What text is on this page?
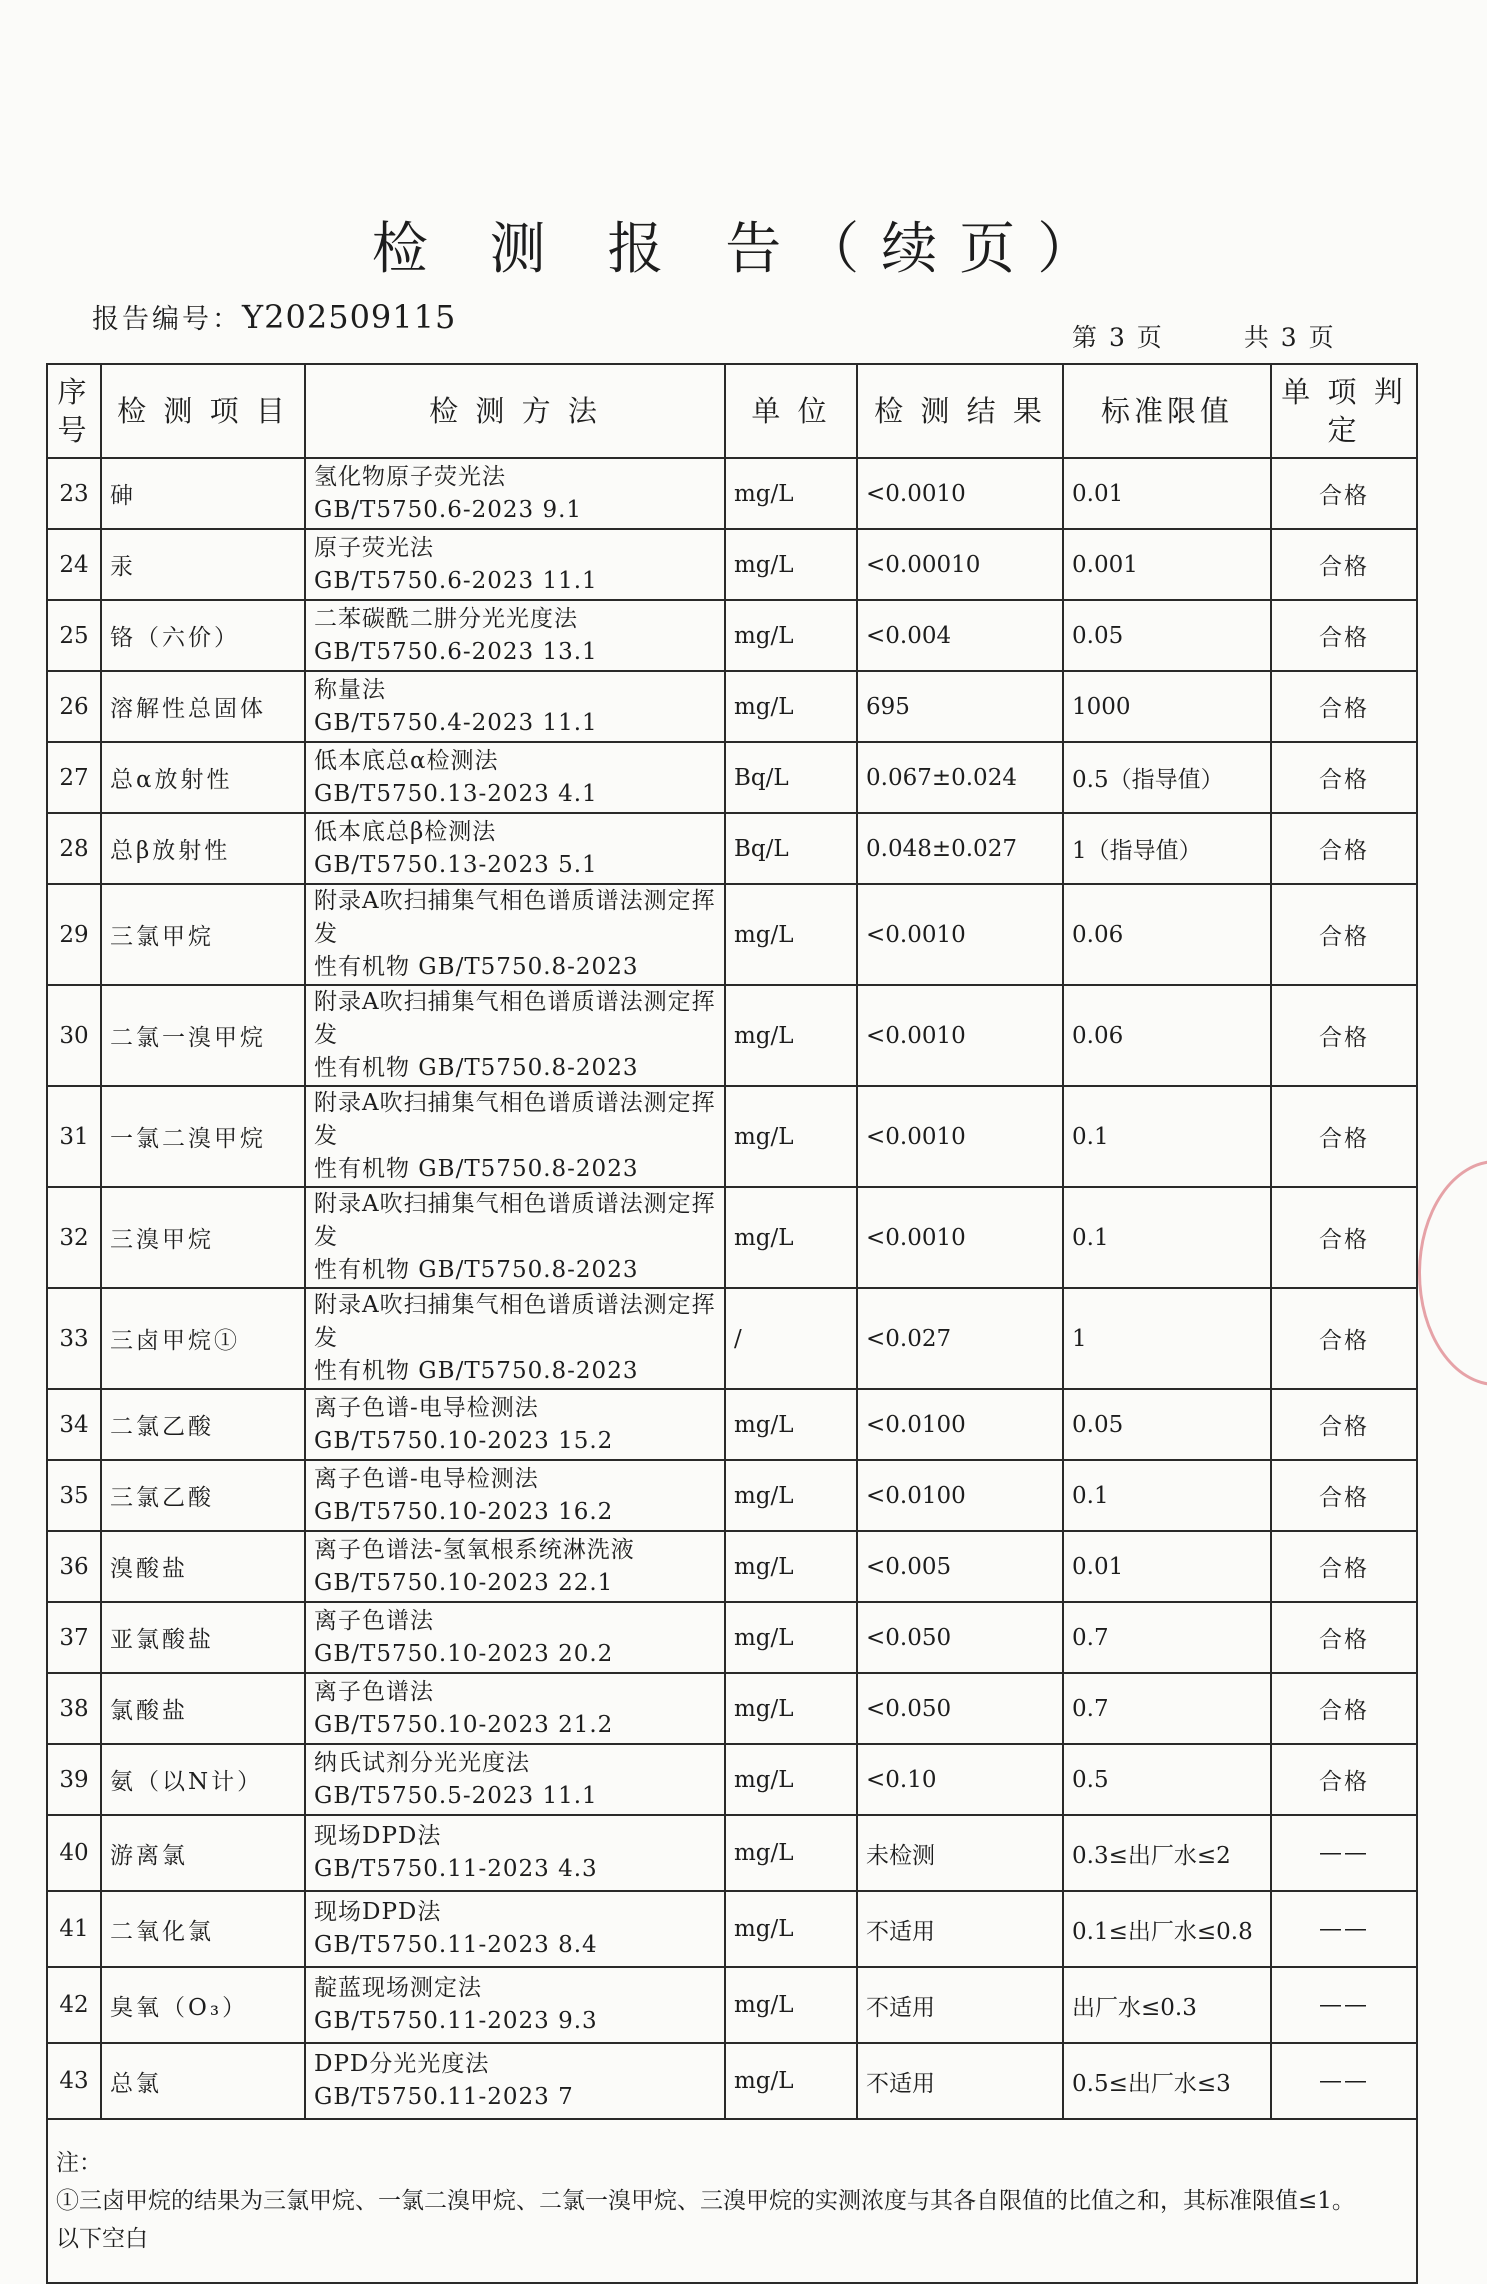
检 测 报 告（续页）
报告编号：Y202509115
第 3 页	共 3 页
序号	检 测 项 目	检 测 方 法	单 位	检 测 结 果	标准限值	单 项 判 定
23	砷	氢化物原子荧光法
GB/T5750.6-2023 9.1	mg/L	<0.0010	0.01	合格
24	汞	原子荧光法
GB/T5750.6-2023 11.1	mg/L	<0.00010	0.001	合格
25	铬（六价）	二苯碳酰二肼分光光度法
GB/T5750.6-2023 13.1	mg/L	<0.004	0.05	合格
26	溶解性总固体	称量法
GB/T5750.4-2023 11.1	mg/L	695	1000	合格
27	总α放射性	低本底总α检测法
GB/T5750.13-2023 4.1	Bq/L	0.067±0.024	0.5（指导值）	合格
28	总β放射性	低本底总β检测法
GB/T5750.13-2023 5.1	Bq/L	0.048±0.027	1（指导值）	合格
29	三氯甲烷	附录A吹扫捕集气相色谱质谱法测定挥发
性有机物 GB/T5750.8-2023	mg/L	<0.0010	0.06	合格
30	二氯一溴甲烷	附录A吹扫捕集气相色谱质谱法测定挥发
性有机物 GB/T5750.8-2023	mg/L	<0.0010	0.06	合格
31	一氯二溴甲烷	附录A吹扫捕集气相色谱质谱法测定挥发
性有机物 GB/T5750.8-2023	mg/L	<0.0010	0.1	合格
32	三溴甲烷	附录A吹扫捕集气相色谱质谱法测定挥发
性有机物 GB/T5750.8-2023	mg/L	<0.0010	0.1	合格
33	三卤甲烷①	附录A吹扫捕集气相色谱质谱法测定挥发
性有机物 GB/T5750.8-2023	/	<0.027	1	合格
34	二氯乙酸	离子色谱-电导检测法
GB/T5750.10-2023 15.2	mg/L	<0.0100	0.05	合格
35	三氯乙酸	离子色谱-电导检测法
GB/T5750.10-2023 16.2	mg/L	<0.0100	0.1	合格
36	溴酸盐	离子色谱法-氢氧根系统淋洗液
GB/T5750.10-2023 22.1	mg/L	<0.005	0.01	合格
37	亚氯酸盐	离子色谱法
GB/T5750.10-2023 20.2	mg/L	<0.050	0.7	合格
38	氯酸盐	离子色谱法
GB/T5750.10-2023 21.2	mg/L	<0.050	0.7	合格
39	氨（以N计）	纳氏试剂分光光度法
GB/T5750.5-2023 11.1	mg/L	<0.10	0.5	合格
40	游离氯	现场DPD法
GB/T5750.11-2023 4.3	mg/L	未检测	0.3≤出厂水≤2	——
41	二氧化氯	现场DPD法
GB/T5750.11-2023 8.4	mg/L	不适用	0.1≤出厂水≤0.8	——
42	臭氧（O₃）	靛蓝现场测定法
GB/T5750.11-2023 9.3	mg/L	不适用	出厂水≤0.3	——
43	总氯	DPD分光光度法
GB/T5750.11-2023 7	mg/L	不适用	0.5≤出厂水≤3	——

注：
①三卤甲烷的结果为三氯甲烷、一氯二溴甲烷、二氯一溴甲烷、三溴甲烷的实测浓度与其各自限值的比值之和，其标准限值≤1。
以下空白						
